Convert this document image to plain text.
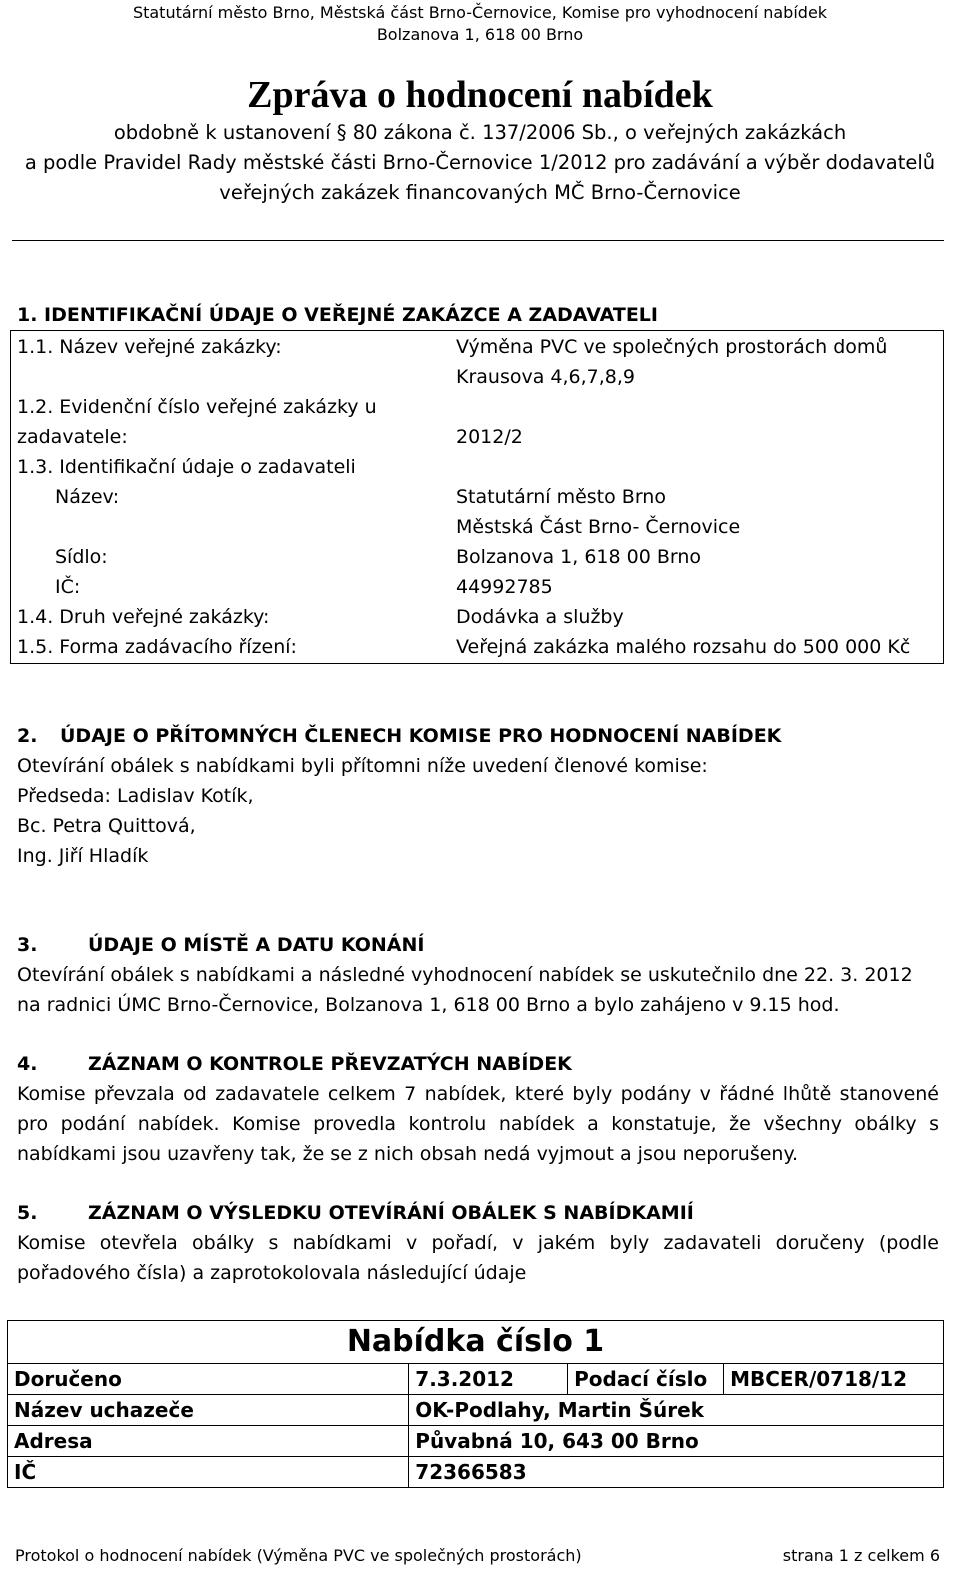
Statutární město Brno, Městská část Brno-Černovice, Komise pro vyhodnocení nabídek
Bolzanova 1, 618 00 Brno
Zpráva o hodnocení nabídek
obdobně k ustanovení § 80 zákona č. 137/2006 Sb., o veřejných zakázkách
a podle Pravidel Rady městské části Brno-Černovice 1/2012 pro zadávání a výběr dodavatelů
veřejných zakázek financovaných MČ Brno-Černovice
1. IDENTIFIKAČNÍ ÚDAJE O VEŘEJNÉ ZAKÁZCE A ZADAVATELI
1.1. Název veřejné zakázky:	Výměna PVC ve společných prostorách domů
Krausova 4,6,7,8,9
1.2. Evidenční číslo veřejné zakázky u
zadavatele:	2012/2
1.3. Identifikační údaje o zadavateli
Název:	Statutární město Brno
Městská Část Brno- Černovice
Sídlo:	Bolzanova 1, 618 00 Brno
IČ:	44992785
1.4. Druh veřejné zakázky:	Dodávka a služby
1.5. Forma zadávacího řízení:	Veřejná zakázka malého rozsahu do 500 000 Kč
2. ÚDAJE O PŘÍTOMNÝCH ČLENECH KOMISE PRO HODNOCENÍ NABÍDEK
Otevírání obálek s nabídkami byli přítomni níže uvedení členové komise:
Předseda: Ladislav Kotík,
Bc. Petra Quittová,
Ing. Jiří Hladík
3.	ÚDAJE O MÍSTĚ A DATU KONÁNÍ
Otevírání obálek s nabídkami a následné vyhodnocení nabídek se uskutečnilo dne 22. 3. 2012
na radnici ÚMC Brno-Černovice, Bolzanova 1, 618 00 Brno a bylo zahájeno v 9.15 hod.
4.	ZÁZNAM O KONTROLE PŘEVZATÝCH NABÍDEK
Komise převzala od zadavatele celkem 7 nabídek, které byly podány v řádné lhůtě stanovené
pro podání nabídek. Komise provedla kontrolu nabídek a konstatuje, že všechny obálky s
nabídkami jsou uzavřeny tak, že se z nich obsah nedá vyjmout a jsou neporušeny.
5.	ZÁZNAM O VÝSLEDKU OTEVÍRÁNÍ OBÁLEK S NABÍDKAMIÍ
Komise otevřela obálky s nabídkami v pořadí, v jakém byly zadavateli doručeny (podle
pořadového čísla) a zaprotokolovala následující údaje
Nabídka číslo 1
Doručeno	7.3.2012	Podací číslo	MBCER/0718/12
Název uchazeče	OK-Podlahy, Martin Šúrek		
Adresa	Půvabná 10, 643 00 Brno		
IČ	72366583		
Protokol o hodnocení nabídek (Výměna PVC ve společných prostorách)	strana 1 z celkem 6
